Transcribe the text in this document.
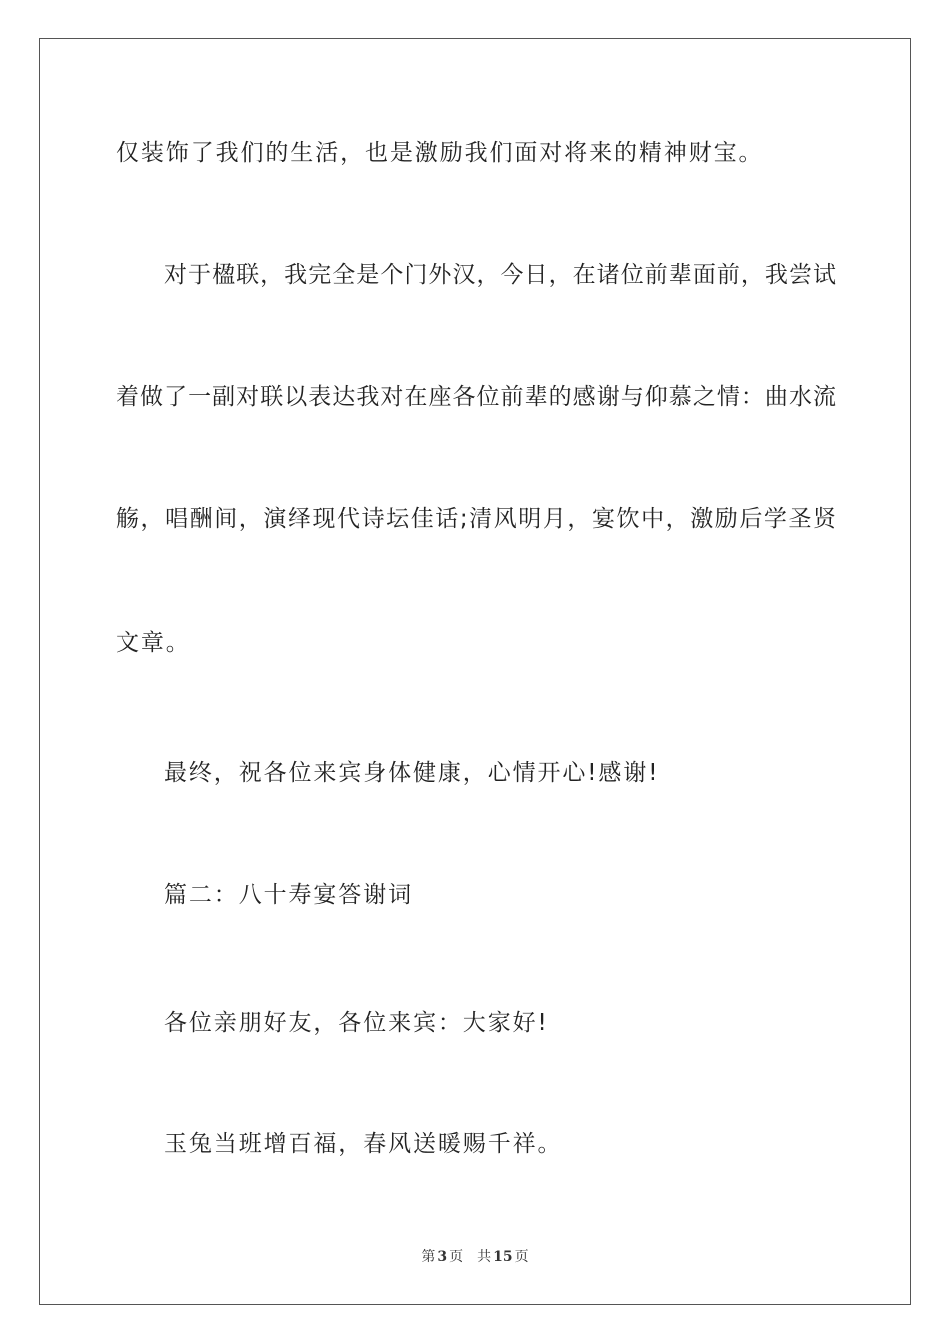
仅装饰了我们的生活，也是激励我们面对将来的精神财宝。
对于楹联，我完全是个门外汉，今日，在诸位前辈面前，我尝试
着做了一副对联以表达我对在座各位前辈的感谢与仰慕之情：曲水流
觞，唱酬间，演绎现代诗坛佳话;清风明月，宴饮中，激励后学圣贤
文章。
最终，祝各位来宾身体健康，心情开心!感谢!
篇二：八十寿宴答谢词
各位亲朋好友，各位来宾：大家好!
玉兔当班增百福，春风送暖赐千祥。
第 3 页 共 15 页
